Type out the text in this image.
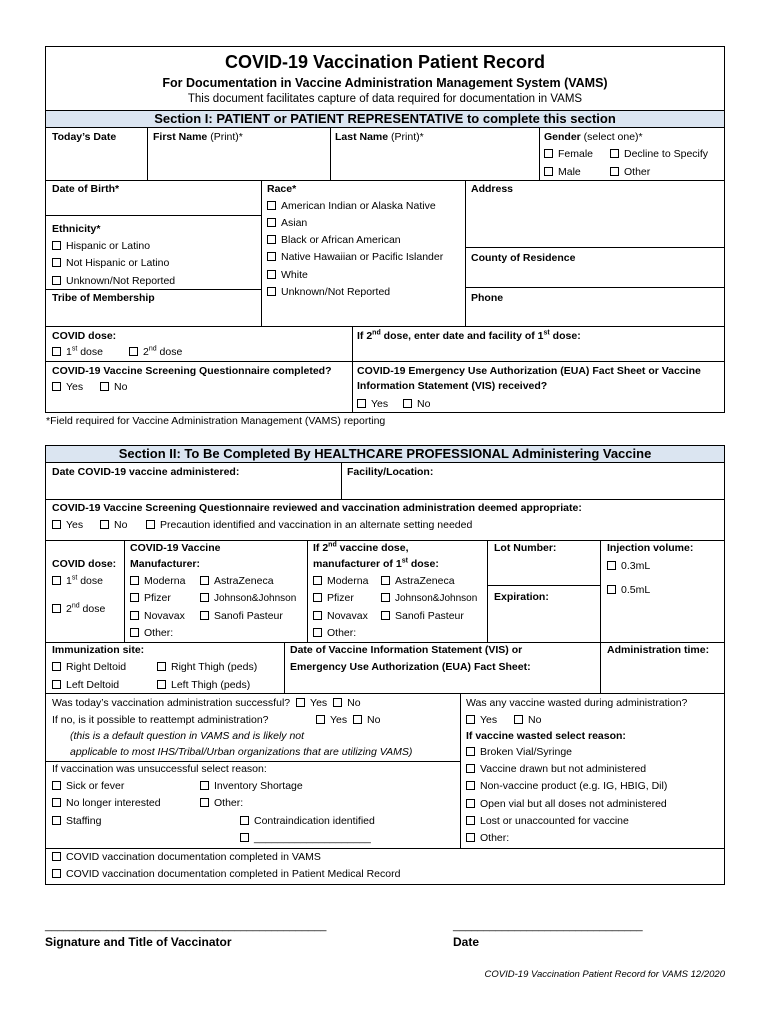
COVID-19 Vaccination Patient Record
For Documentation in Vaccine Administration Management System (VAMS)
This document facilitates capture of data required for documentation in VAMS
Section I: PATIENT or PATIENT REPRESENTATIVE to complete this section
Today’s Date	First Name (Print)*	Last Name (Print)*	Gender (select one)*
Female
Male
Decline to Specify
Other
Date of Birth*
Ethnicity*
Hispanic or Latino
Not Hispanic or Latino
Unknown/Not Reported
Tribe of Membership
Race*
American Indian or Alaska Native
Asian
Black or African American
Native Hawaiian or Pacific Islander
White
Unknown/Not Reported
Address
County of Residence
Phone
COVID dose:
1st dose	2nd dose
If 2nd dose, enter date and facility of 1st dose:
COVID-19 Vaccine Screening Questionnaire completed?
Yes	No
COVID-19 Emergency Use Authorization (EUA) Fact Sheet or Vaccine
Information Statement (VIS) received?
Yes	No
*Field required for Vaccine Administration Management (VAMS) reporting
Section II: To Be Completed By HEALTHCARE PROFESSIONAL Administering Vaccine
Date COVID-19 vaccine administered:	Facility/Location:
COVID-19 Vaccine Screening Questionnaire reviewed and vaccination administration deemed appropriate:
Yes	No	Precaution identified and vaccination in an alternate setting needed
COVID dose:
1st dose
2nd dose
COVID-19 Vaccine
Manufacturer:
Moderna	AstraZeneca
Pfizer	Johnson&Johnson
Novavax	Sanofi Pasteur
Other:
If 2nd vaccine dose,
manufacturer of 1st dose:
Moderna	AstraZeneca
Pfizer	Johnson&Johnson
Novavax	Sanofi Pasteur
Other:
Lot Number:
Expiration:
Injection volume:
0.3mL
0.5mL
Immunization site:
Right Deltoid	Right Thigh (peds)
Left Deltoid	Left Thigh (peds)
Date of Vaccine Information Statement (VIS) or
Emergency Use Authorization (EUA) Fact Sheet:
Administration time:
Was today’s vaccination administration successful? Yes No
If no, is it possible to reattempt administration?	Yes	No
(this is a default question in VAMS and is likely not
applicable to most IHS/Tribal/Urban organizations that are utilizing VAMS)
If vaccination was unsuccessful select reason:
Sick or fever	Inventory Shortage
No longer interested	Other:
Staffing	Contraindication identified
____________________
Was any vaccine wasted during administration?
Yes	No
If vaccine wasted select reason:
Broken Vial/Syringe
Vaccine drawn but not administered
Non-vaccine product (e.g. IG, HBIG, Dil)
Open vial but all doses not administered
Lost or unaccounted for vaccine
Other:
COVID vaccination documentation completed in VAMS
COVID vaccination documentation completed in Patient Medical Record
______________________________________________
Signature and Title of Vaccinator
_______________________________
Date
COVID-19 Vaccination Patient Record for VAMS 12/2020
